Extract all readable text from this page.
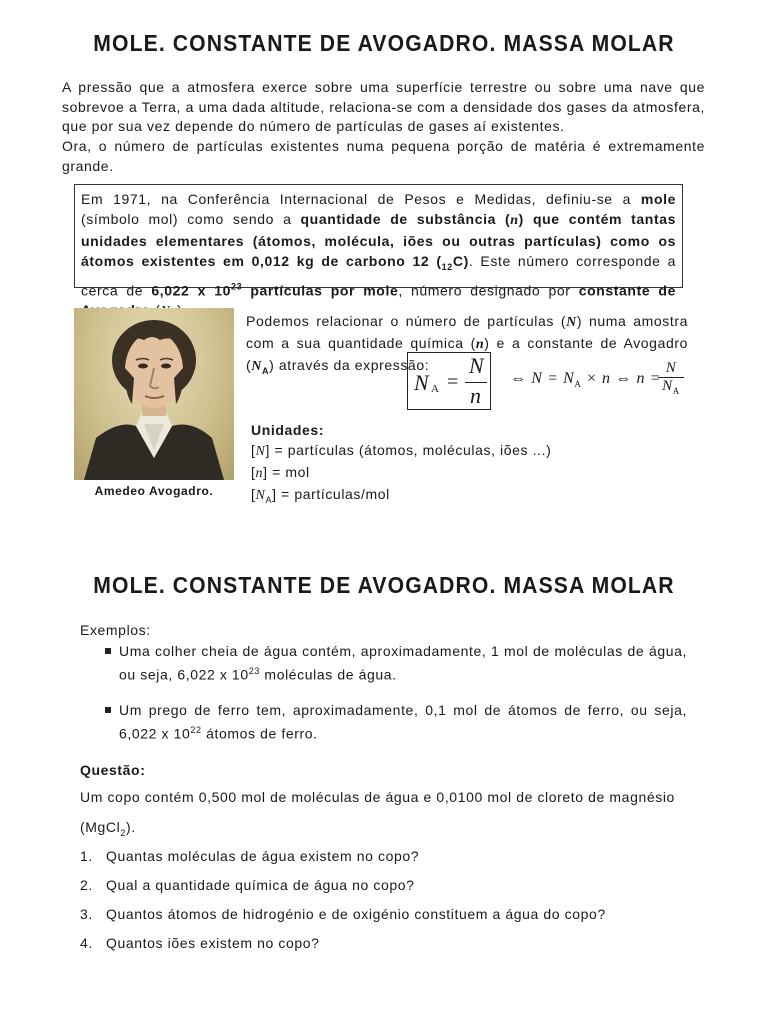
MOLE. CONSTANTE DE AVOGADRO. MASSA MOLAR
A pressão que a atmosfera exerce sobre uma superfície terrestre ou sobre uma nave que sobrevoe a Terra, a uma dada altitude, relaciona-se com a densidade dos gases da atmosfera, que por sua vez depende do número de partículas de gases aí existentes.
Ora, o número de partículas existentes numa pequena porção de matéria é extremamente grande.
Em 1971, na Conferência Internacional de Pesos e Medidas, definiu-se a mole (símbolo mol) como sendo a quantidade de substância (n) que contém tantas unidades elementares (átomos, molécula, iões ou outras partículas) como os átomos existentes em 0,012 kg de carbono 12 $(_{12}C)$. Este número corresponde a cerca de 6,022 x $10^{23}$ partículas por mole, número designado por constante de
Amedeo Avogadro.
Podemos relacionar o número de partículas (N) numa amostra com a sua quantidade química (n) e a constante de Avogadro $(N_A)$ através da expressão:
N A =
N
n
⇔ $N = N_A \times n$ ⇔ n =
N
$N_A$
Unidades:
[N] = partículas (átomos, moléculas, iões ...)
[n] = mol
$[N_A]$ = partículas/mol
MOLE. CONSTANTE DE AVOGADRO. MASSA MOLAR
Exemplos:
Uma colher cheia de água contém, aproximadamente, 1 mol de moléculas de água, ou seja, 6,022 x $10^{23}$ moléculas de água.
Um prego de ferro tem, aproximadamente, 0,1 mol de átomos de ferro, ou seja, 6,022 x $10^{22}$ átomos de ferro.
Questão:
Um copo contém 0,500 mol de moléculas de água e 0,0100 mol de cloreto de magnésio
(MgCl$_2$).
1. Quantas moléculas de água existem no copo?
2. Qual a quantidade química de água no copo?
3. Quantos átomos de hidrogénio e de oxigénio constituem a água do copo?
4. Quantos iões existem no copo?
